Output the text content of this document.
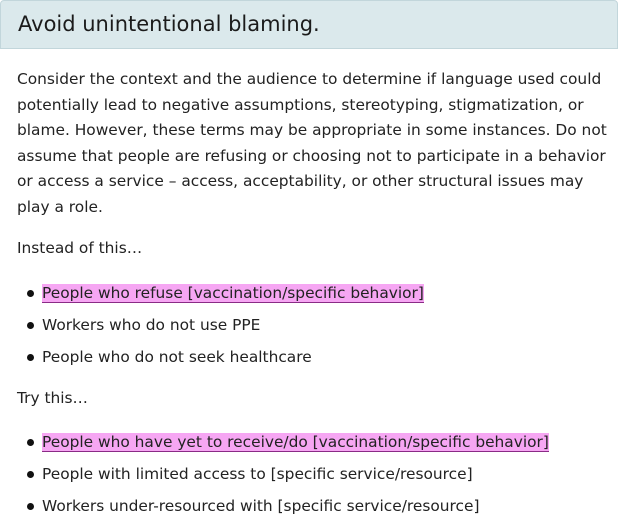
Avoid unintentional blaming.

Consider the context and the audience to determine if language used could potentially lead to negative assumptions, stereotyping, stigmatization, or blame. However, these terms may be appropriate in some instances. Do not assume that people are refusing or choosing not to participate in a behavior or access a service – access, acceptability, or other structural issues may play a role.

Instead of this…

People who refuse [vaccination/specific behavior]
Workers who do not use PPE
People who do not seek healthcare

Try this…

People who have yet to receive/do [vaccination/specific behavior]
People with limited access to [specific service/resource]
Workers under-resourced with [specific service/resource]
